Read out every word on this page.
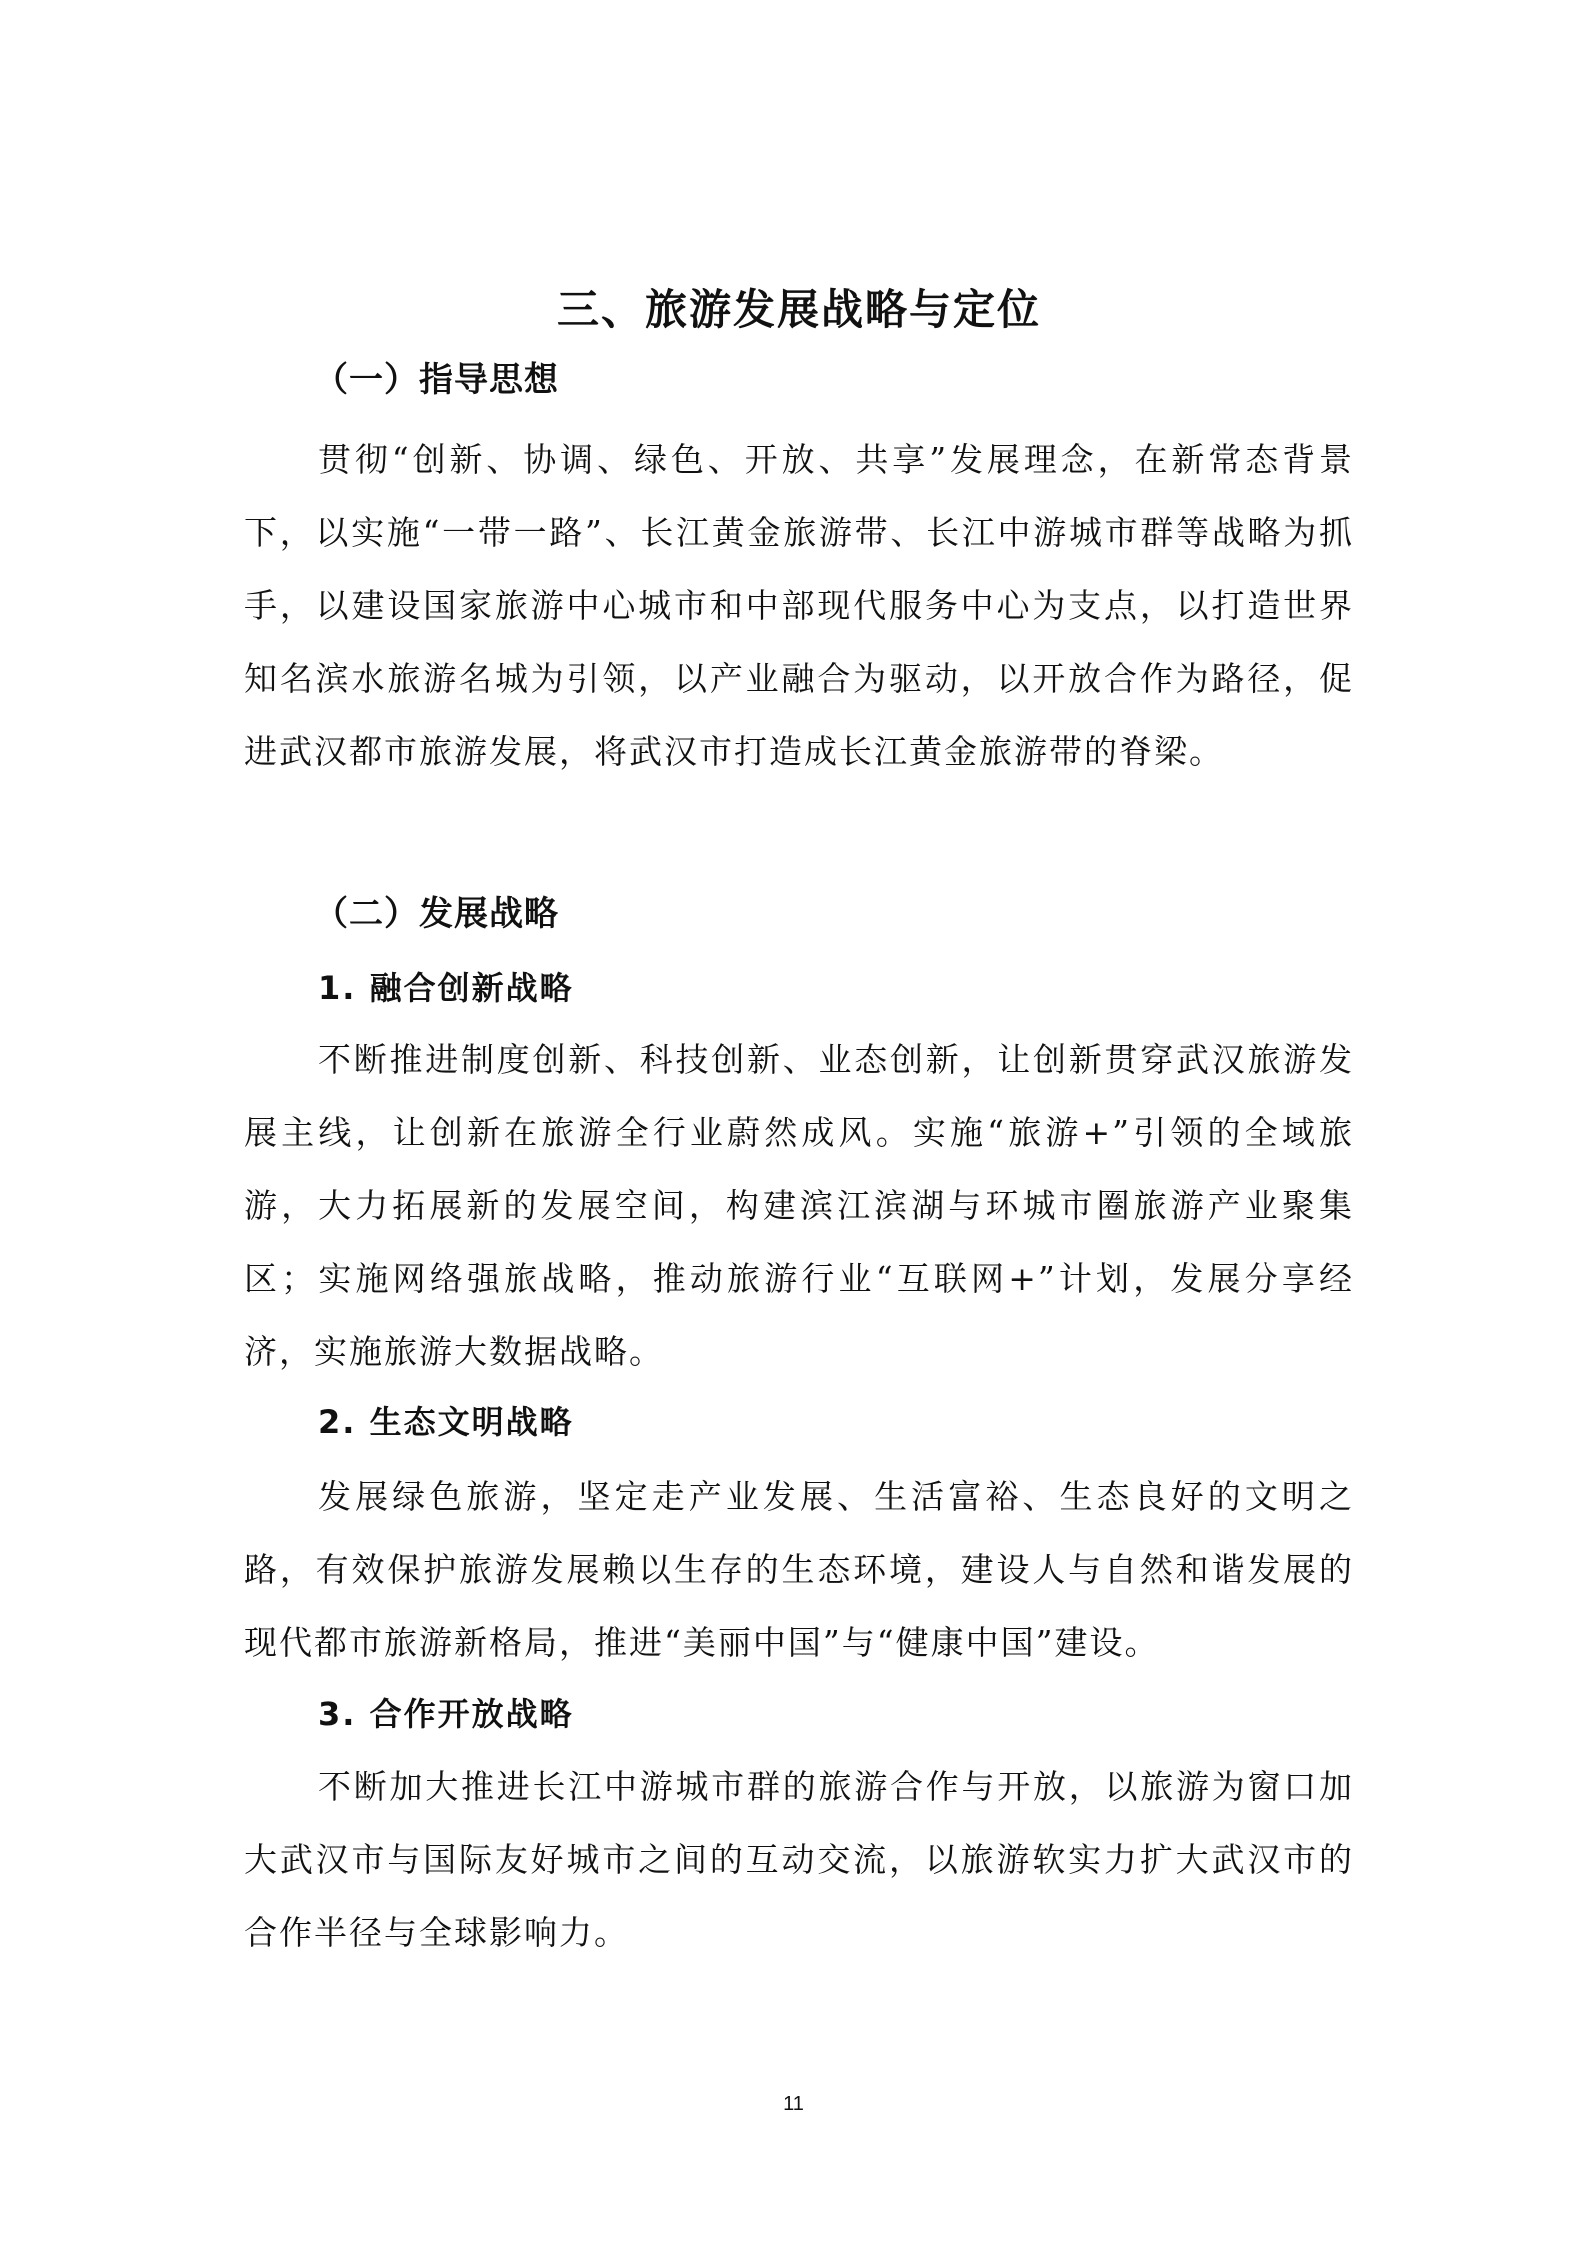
三、旅游发展战略与定位
（一）指导思想

贯彻“创新、协调、绿色、开放、共享”发展理念，在新常态背景下，以实施“一带一路”、长江黄金旅游带、长江中游城市群等战略为抓手，以建设国家旅游中心城市和中部现代服务中心为支点，以打造世界知名滨水旅游名城为引领，以产业融合为驱动，以开放合作为路径，促进武汉都市旅游发展，将武汉市打造成长江黄金旅游带的脊梁。

（二）发展战略
1. 融合创新战略

不断推进制度创新、科技创新、业态创新，让创新贯穿武汉旅游发展主线，让创新在旅游全行业蔚然成风。实施“旅游+”引领的全域旅游，大力拓展新的发展空间，构建滨江滨湖与环城市圈旅游产业聚集区；实施网络强旅战略，推动旅游行业“互联网+”计划，发展分享经济，实施旅游大数据战略。

2. 生态文明战略

发展绿色旅游，坚定走产业发展、生活富裕、生态良好的文明之路，有效保护旅游发展赖以生存的生态环境，建设人与自然和谐发展的现代都市旅游新格局，推进“美丽中国”与“健康中国”建设。

3. 合作开放战略

不断加大推进长江中游城市群的旅游合作与开放，以旅游为窗口加大武汉市与国际友好城市之间的互动交流，以旅游软实力扩大武汉市的合作半径与全球影响力。

11
